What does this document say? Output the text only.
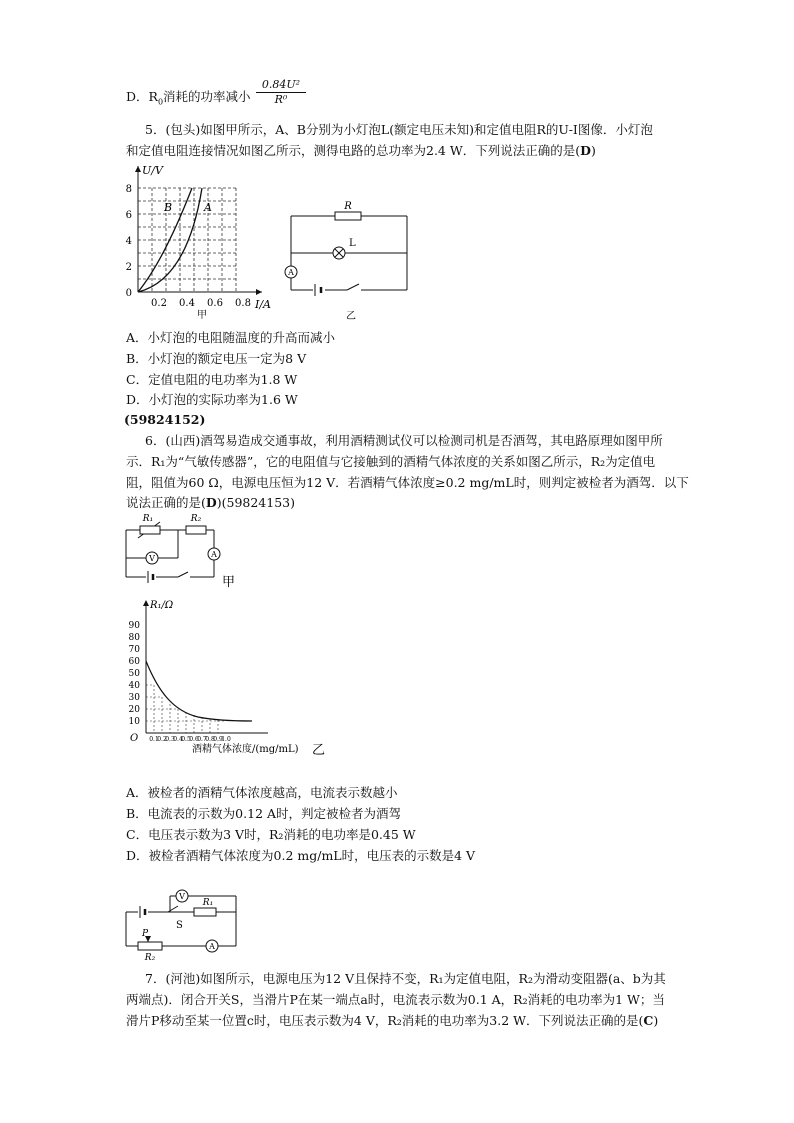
D．$R_0$消耗的功率减小 $\frac{\text{0.84U²}}{\text{R⁰}}$
5．(包头)如图甲所示，A、B分别为小灯泡L(额定电压未知)和定值电阻R的U-I图像．小灯泡
和定值电阻连接情况如图乙所示，测得电路的总功率为2.4 W．下列说法正确的是(D)
U/V
I/A
0
2
4
6
8
0.2 0.4 0.6 0.8
B	A
甲
R
L
A
乙
A．小灯泡的电阻随温度的升高而减小
B．小灯泡的额定电压一定为8 V
C．定值电阻的电功率为1.8 W
D．小灯泡的实际功率为1.6 W
(59824152)
6．(山西)酒驾易造成交通事故，利用酒精测试仪可以检测司机是否酒驾，其电路原理如图甲所
示．R₁为“气敏传感器”，它的电阻值与它接触到的酒精气体浓度的关系如图乙所示，R₂为定值电
阻，阻值为60 Ω，电源电压恒为12 V．若酒精气体浓度≥0.2 mg/mL时，则判定被检者为酒驾．以下
说法正确的是(D)(59824153)
R₁	R₂
V	A
甲
R₁/Ω
10
20
30
40
50
60
70
80
90
O 0.1
0.2
0.3
0.4
0.5
0.6
0.7
0.8
0.9
1.0
酒精气体浓度/(mg/mL) 乙
A．被检者的酒精气体浓度越高，电流表示数越小
B．电流表的示数为0.12 A时，判定被检者为酒驾
C．电压表示数为3 V时，R₂消耗的电功率是0.45 W
D．被检者酒精气体浓度为0.2 mg/mL时，电压表的示数是4 V
R₁
V
S
P
R₂
A
7．(河池)如图所示，电源电压为12 V且保持不变，R₁为定值电阻，R₂为滑动变阻器(a、b为其
两端点)．闭合开关S，当滑片P在某一端点a时，电流表示数为0.1 A，R₂消耗的电功率为1 W；当
滑片P移动至某一位置c时，电压表示数为4 V，R₂消耗的电功率为3.2 W．下列说法正确的是(C)
